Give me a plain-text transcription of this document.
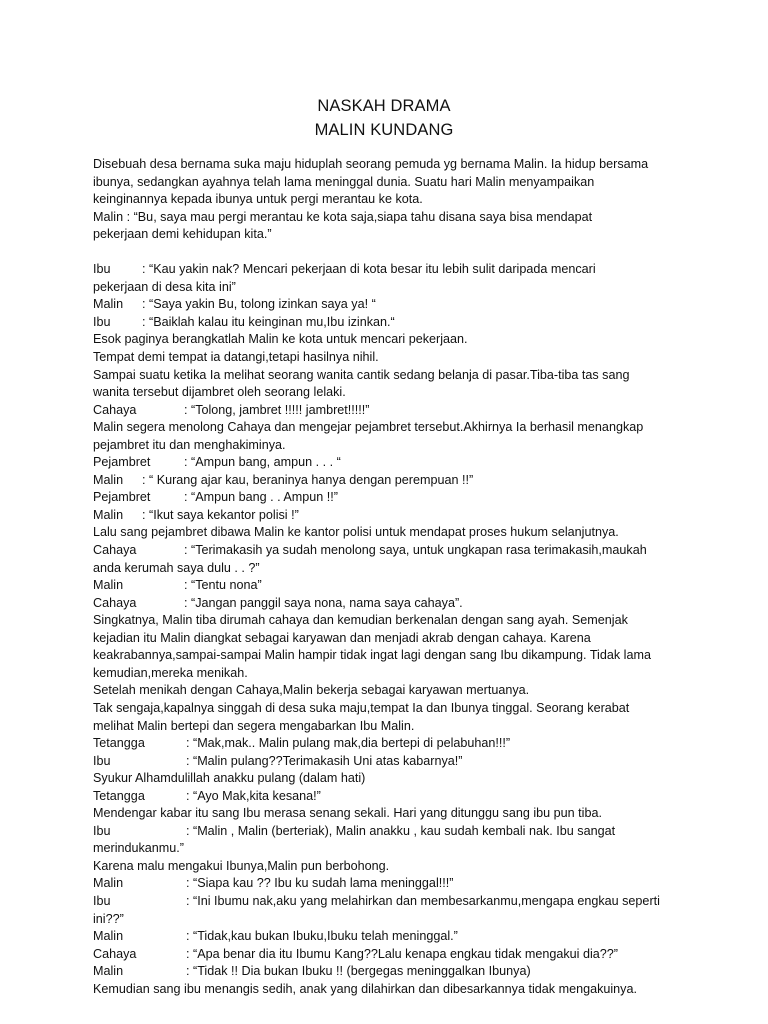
NASKAH DRAMA
MALIN KUNDANG
Disebuah desa bernama suka maju hiduplah seorang pemuda yg bernama Malin. Ia hidup bersama
ibunya, sedangkan ayahnya telah lama meninggal dunia. Suatu hari Malin menyampaikan
keinginannya kepada ibunya untuk pergi merantau ke kota.
Malin : “Bu, saya mau pergi merantau ke kota saja,siapa tahu disana saya bisa mendapat
pekerjaan demi kehidupan kita.”
Ibu	: “Kau yakin nak? Mencari pekerjaan di kota besar itu lebih sulit daripada mencari
pekerjaan di desa kita ini”
Malin	: “Saya yakin Bu, tolong izinkan saya ya! “
Ibu	: “Baiklah kalau itu keinginan mu,Ibu izinkan.“
Esok paginya berangkatlah Malin ke kota untuk mencari pekerjaan.
Tempat demi tempat ia datangi,tetapi hasilnya nihil.
Sampai suatu ketika Ia melihat seorang wanita cantik sedang belanja di pasar.Tiba-tiba tas sang
wanita tersebut dijambret oleh seorang lelaki.
Cahaya	: “Tolong, jambret !!!!! jambret!!!!!”
Malin segera menolong Cahaya dan mengejar pejambret tersebut.Akhirnya Ia berhasil menangkap
pejambret itu dan menghakiminya.
Pejambret	: “Ampun bang, ampun . . . “
Malin	: “ Kurang ajar kau, beraninya hanya dengan perempuan !!”
Pejambret	: “Ampun bang . . Ampun !!”
Malin	: “Ikut saya kekantor polisi !”
Lalu sang pejambret dibawa Malin ke kantor polisi untuk mendapat proses hukum selanjutnya.
Cahaya	: “Terimakasih ya sudah menolong saya, untuk ungkapan rasa terimakasih,maukah
anda kerumah saya dulu . . ?”
Malin	: “Tentu nona”
Cahaya	: “Jangan panggil saya nona, nama saya cahaya”.
Singkatnya, Malin tiba dirumah cahaya dan kemudian berkenalan dengan sang ayah. Semenjak
kejadian itu Malin diangkat sebagai karyawan dan menjadi akrab dengan cahaya. Karena
keakrabannya,sampai-sampai Malin hampir tidak ingat lagi dengan sang Ibu dikampung. Tidak lama
kemudian,mereka menikah.
Setelah menikah dengan Cahaya,Malin bekerja sebagai karyawan mertuanya.
Tak sengaja,kapalnya singgah di desa suka maju,tempat Ia dan Ibunya tinggal. Seorang kerabat
melihat Malin bertepi dan segera mengabarkan Ibu Malin.
Tetangga	: “Mak,mak.. Malin pulang mak,dia bertepi di pelabuhan!!!”
Ibu	: “Malin pulang??Terimakasih Uni atas kabarnya!”
Syukur Alhamdulillah anakku pulang (dalam hati)
Tetangga	: “Ayo Mak,kita kesana!”
Mendengar kabar itu sang Ibu merasa senang sekali. Hari yang ditunggu sang ibu pun tiba.
Ibu	: “Malin , Malin (berteriak), Malin anakku , kau sudah kembali nak. Ibu sangat
merindukanmu.”
Karena malu mengakui Ibunya,Malin pun berbohong.
Malin	: “Siapa kau ?? Ibu ku sudah lama meninggal!!!”
Ibu	: “Ini Ibumu nak,aku yang melahirkan dan membesarkanmu,mengapa engkau seperti
ini??”
Malin	: “Tidak,kau bukan Ibuku,Ibuku telah meninggal.”
Cahaya	: “Apa benar dia itu Ibumu Kang??Lalu kenapa engkau tidak mengakui dia??”
Malin	: “Tidak !! Dia bukan Ibuku !! (bergegas meninggalkan Ibunya)
Kemudian sang ibu menangis sedih, anak yang dilahirkan dan dibesarkannya tidak mengakuinya.
